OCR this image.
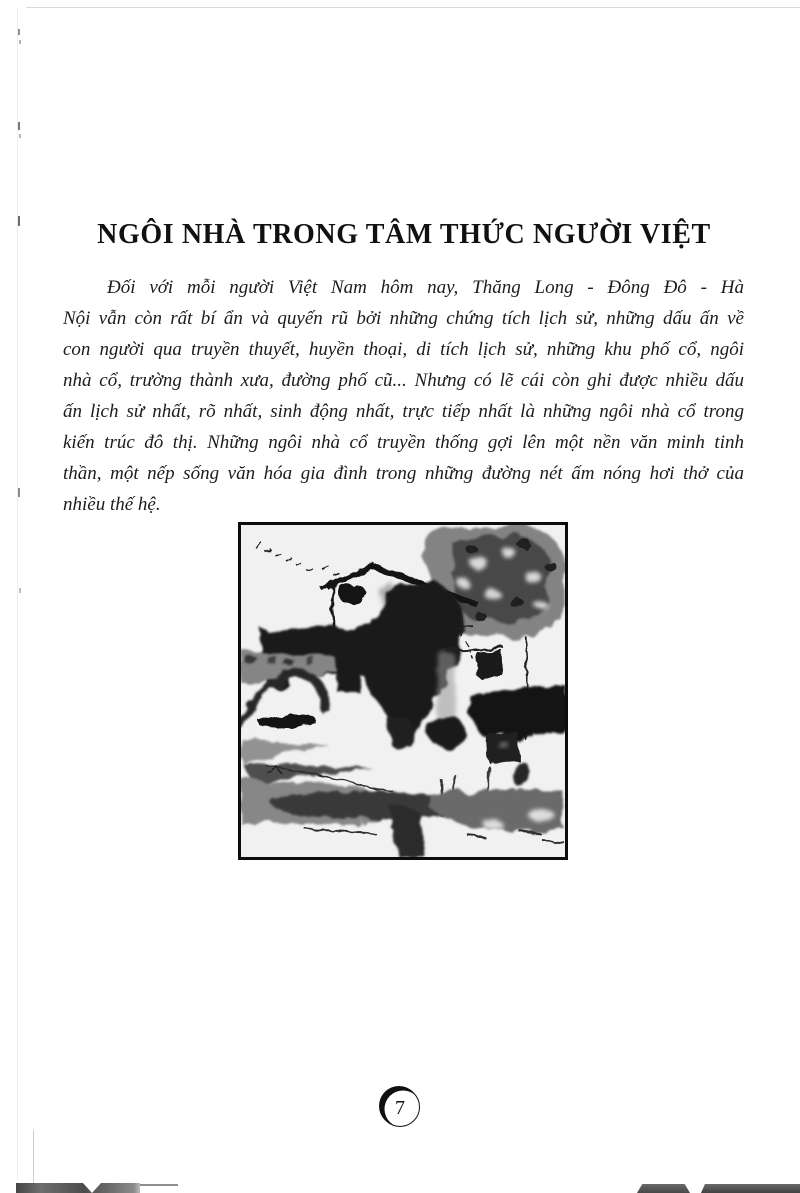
NGÔI NHÀ TRONG TÂM THỨC NGƯỜI VIỆT
Đối với mỗi người Việt Nam hôm nay, Thăng Long - Đông Đô - Hà
Nội vẫn còn rất bí ẩn và quyến rũ bởi những chứng tích lịch sử, những dấu ấn về
con người qua truyền thuyết, huyền thoại, di tích lịch sử, những khu phố cổ, ngôi
nhà cổ, trường thành xưa, đường phố cũ... Nhưng có lẽ cái còn ghi được nhiều dấu
ấn lịch sử nhất, rõ nhất, sinh động nhất, trực tiếp nhất là những ngôi nhà cổ trong
kiến trúc đô thị. Những ngôi nhà cổ truyền thống gợi lên một nền văn minh tinh
thần, một nếp sống văn hóa gia đình trong những đường nét ấm nóng hơi thở của
nhiều thế hệ.
7
